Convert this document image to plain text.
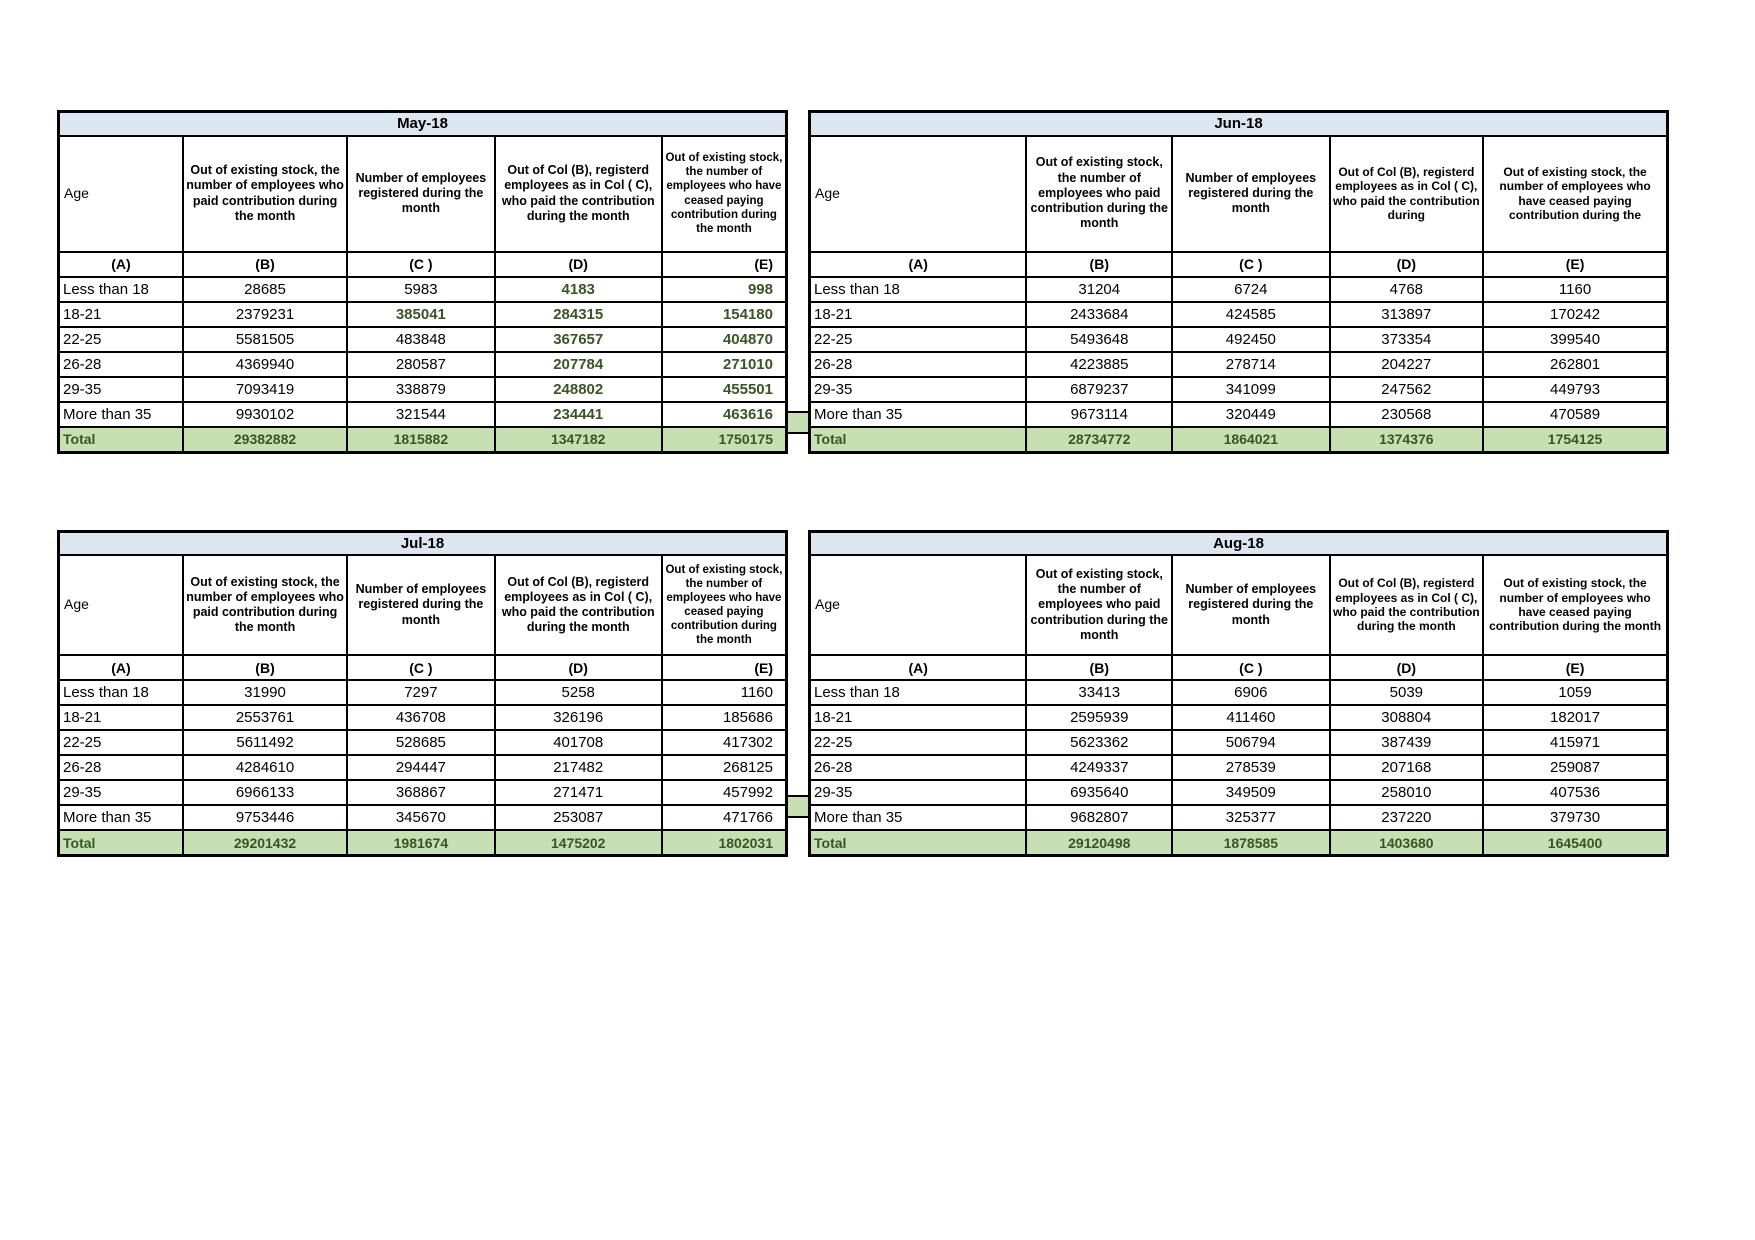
May-18				

Age	Out of existing stock, the number of employees who paid contribution during the month	Number of employees registered during the month	Out of Col (B), registerd employees as in Col ( C), who paid the contribution during the month	Out of existing stock, the number of employees who have ceased paying contribution during the month

(A)	(B)	(C )	(D)	(E)
Less than 18	28685	5983	4183	998
18-21	2379231	385041	284315	154180
22-25	5581505	483848	367657	404870
26-28	4369940	280587	207784	271010
29-35	7093419	338879	248802	455501
More than 35	9930102	321544	234441	463616
Total	29382882	1815882	1347182	1750175
Jun-18				

Age	Out of existing stock, the number of employees who paid contribution during the month	Number of employees registered during the month	Out of Col (B), registerd employees as in Col ( C), who paid the contribution during	Out of existing stock, the number of employees who have ceased paying contribution during the

(A)	(B)	(C )	(D)	(E)
Less than 18	31204	6724	4768	1160
18-21	2433684	424585	313897	170242
22-25	5493648	492450	373354	399540
26-28	4223885	278714	204227	262801
29-35	6879237	341099	247562	449793
More than 35	9673114	320449	230568	470589
Total	28734772	1864021	1374376	1754125
Jul-18				

Age	Out of existing stock, the number of employees who paid contribution during the month	Number of employees registered during the month	Out of Col (B), registerd employees as in Col ( C), who paid the contribution during the month	Out of existing stock, the number of employees who have ceased paying contribution during the month

(A)	(B)	(C )	(D)	(E)
Less than 18	31990	7297	5258	1160
18-21	2553761	436708	326196	185686
22-25	5611492	528685	401708	417302
26-28	4284610	294447	217482	268125
29-35	6966133	368867	271471	457992
More than 35	9753446	345670	253087	471766
Total	29201432	1981674	1475202	1802031
Aug-18				

Age	Out of existing stock, the number of employees who paid contribution during the month	Number of employees registered during the month	Out of Col (B), registerd employees as in Col ( C), who paid the contribution during the month	Out of existing stock, the number of employees who have ceased paying contribution during the month

(A)	(B)	(C )	(D)	(E)
Less than 18	33413	6906	5039	1059
18-21	2595939	411460	308804	182017
22-25	5623362	506794	387439	415971
26-28	4249337	278539	207168	259087
29-35	6935640	349509	258010	407536
More than 35	9682807	325377	237220	379730
Total	29120498	1878585	1403680	1645400
